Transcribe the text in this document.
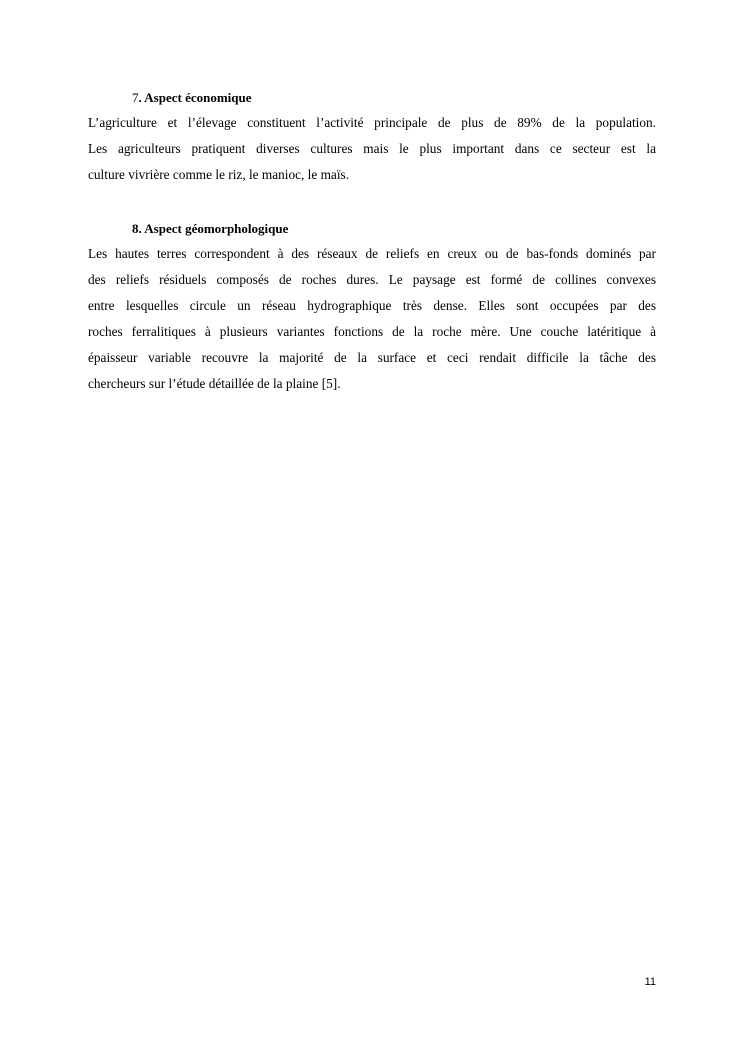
7. Aspect économique
L’agriculture et l’élevage constituent l’activité principale de plus de 89% de la population.
Les agriculteurs pratiquent diverses cultures mais le plus important dans ce secteur est la
culture vivrière comme le riz, le manioc, le maïs.
8. Aspect géomorphologique
Les hautes terres correspondent à des réseaux de reliefs en creux ou de bas-fonds dominés par
des reliefs résiduels composés de roches dures. Le paysage est formé de collines convexes
entre lesquelles circule un réseau hydrographique très dense. Elles sont occupées par des
roches ferralitiques à plusieurs variantes fonctions de la roche mère. Une couche latéritique à
épaisseur variable recouvre la majorité de la surface et ceci rendait difficile la tâche des
chercheurs sur l’étude détaillée de la plaine [5].
11
